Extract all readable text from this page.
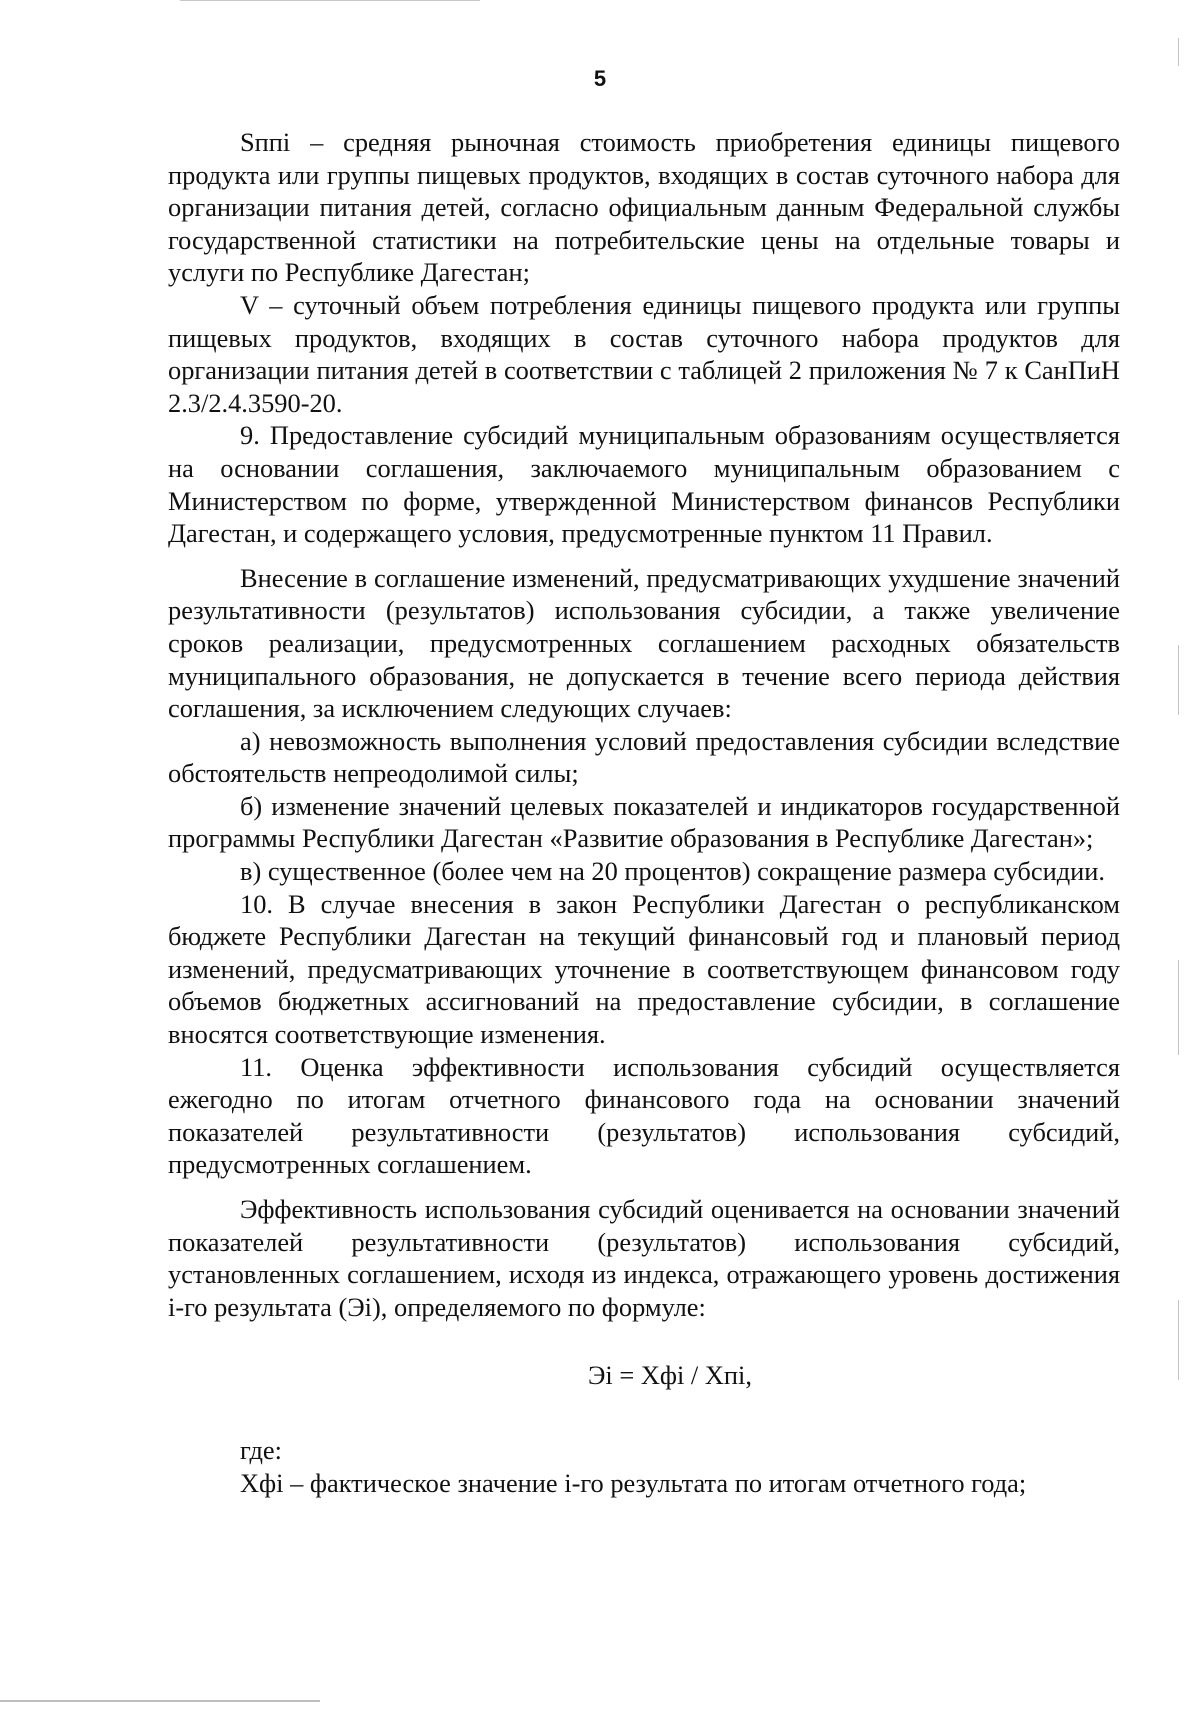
5

Sппi – средняя рыночная стоимость приобретения единицы пищевого продукта или группы пищевых продуктов, входящих в состав суточного набора для организации питания детей, согласно официальным данным Федеральной службы государственной статистики на потребительские цены на отдельные товары и услуги по Республике Дагестан;

V – суточный объем потребления единицы пищевого продукта или группы пищевых продуктов, входящих в состав суточного набора продуктов для организации питания детей в соответствии с таблицей 2 приложения № 7 к СанПиН 2.3/2.4.3590-20.

9. Предоставление субсидий муниципальным образованиям осуществляется на основании соглашения, заключаемого муниципальным образованием с Министерством по форме, утвержденной Министерством финансов Республики Дагестан, и содержащего условия, предусмотренные пунктом 11 Правил.

Внесение в соглашение изменений, предусматривающих ухудшение значений результативности (результатов) использования субсидии, а также увеличение сроков реализации, предусмотренных соглашением расходных обязательств муниципального образования, не допускается в течение всего периода действия соглашения, за исключением следующих случаев:

а) невозможность выполнения условий предоставления субсидии вследствие обстоятельств непреодолимой силы;

б) изменение значений целевых показателей и индикаторов государственной программы Республики Дагестан «Развитие образования в Республике Дагестан»;

в) существенное (более чем на 20 процентов) сокращение размера субсидии.

10. В случае внесения в закон Республики Дагестан о республиканском бюджете Республики Дагестан на текущий финансовый год и плановый период изменений, предусматривающих уточнение в соответствующем финансовом году объемов бюджетных ассигнований на предоставление субсидии, в соглашение вносятся соответствующие изменения.

11. Оценка эффективности использования субсидий осуществляется ежегодно по итогам отчетного финансового года на основании значений показателей результативности (результатов) использования субсидий, предусмотренных соглашением.

Эффективность использования субсидий оценивается на основании значений показателей результативности (результатов) использования субсидий, установленных соглашением, исходя из индекса, отражающего уровень достижения i-го результата (Эi), определяемого по формуле:

Эi = Хфi / Хпi,

где:

Хфi – фактическое значение i-го результата по итогам отчетного года;
